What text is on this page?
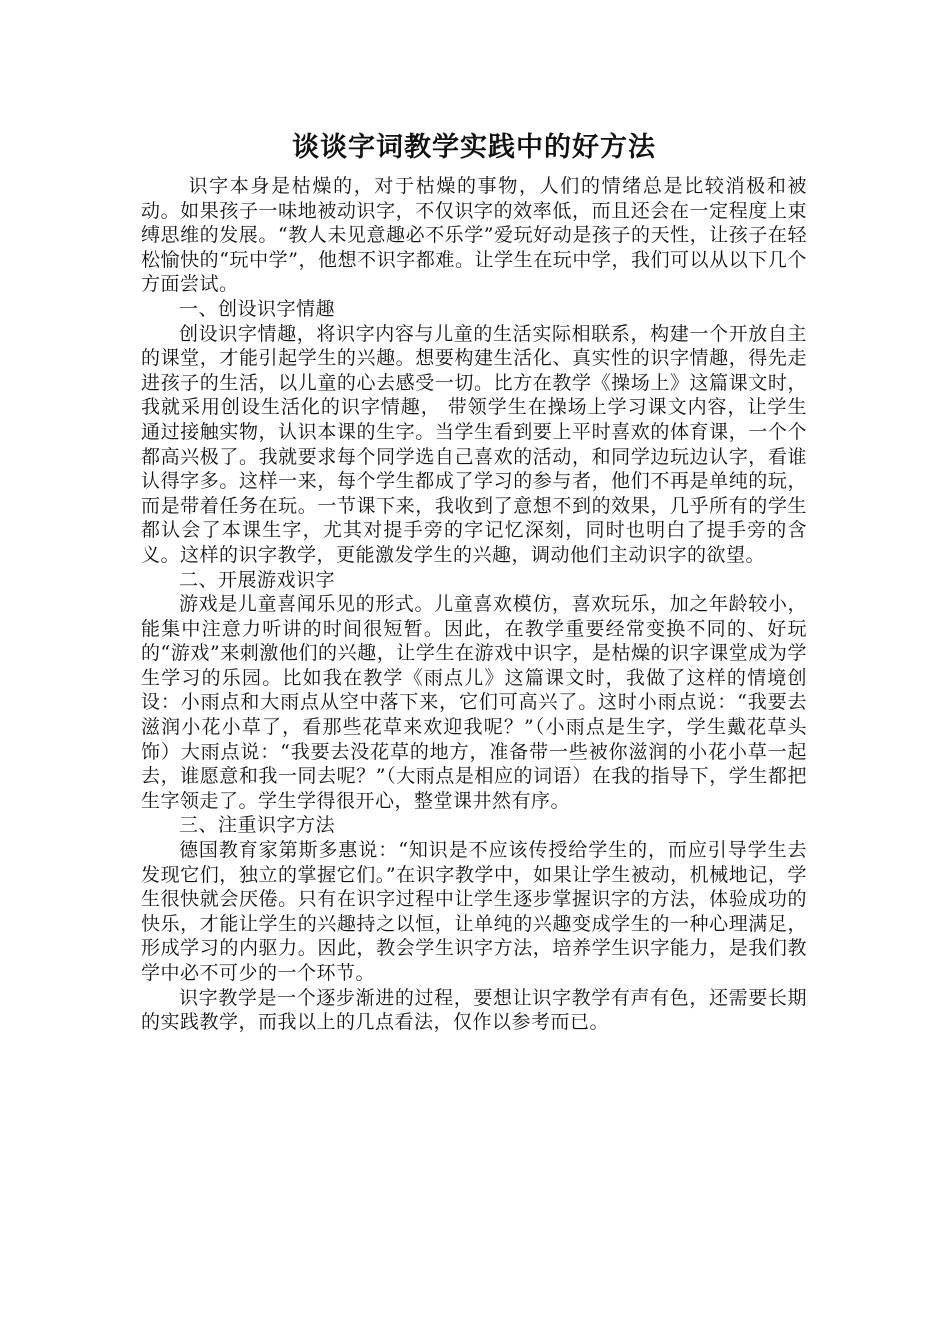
谈谈字词教学实践中的好方法

识字本身是枯燥的，对于枯燥的事物，人们的情绪总是比较消极和被动。如果孩子一味地被动识字，不仅识字的效率低，而且还会在一定程度上束缚思维的发展。“教人未见意趣必不乐学”爱玩好动是孩子的天性，让孩子在轻松愉快的“玩中学”，他想不识字都难。让学生在玩中学，我们可以从以下几个方面尝试。

一、创设识字情趣

创设识字情趣，将识字内容与儿童的生活实际相联系，构建一个开放自主的课堂，才能引起学生的兴趣。想要构建生活化、真实性的识字情趣，得先走进孩子的生活，以儿童的心去感受一切。比方在教学《操场上》这篇课文时，我就采用创设生活化的识字情趣， 带领学生在操场上学习课文内容，让学生通过接触实物，认识本课的生字。当学生看到要上平时喜欢的体育课，一个个都高兴极了。我就要求每个同学选自己喜欢的活动，和同学边玩边认字，看谁认得字多。这样一来，每个学生都成了学习的参与者，他们不再是单纯的玩，而是带着任务在玩。一节课下来，我收到了意想不到的效果，几乎所有的学生都认会了本课生字，尤其对提手旁的字记忆深刻，同时也明白了提手旁的含义。这样的识字教学，更能激发学生的兴趣，调动他们主动识字的欲望。

二、开展游戏识字

游戏是儿童喜闻乐见的形式。儿童喜欢模仿，喜欢玩乐，加之年龄较小，能集中注意力听讲的时间很短暂。因此，在教学重要经常变换不同的、好玩的“游戏”来刺激他们的兴趣，让学生在游戏中识字，是枯燥的识字课堂成为学生学习的乐园。比如我在教学《雨点儿》这篇课文时，我做了这样的情境创设：小雨点和大雨点从空中落下来，它们可高兴了。这时小雨点说：“我要去滋润小花小草了，看那些花草来欢迎我呢？”（小雨点是生字，学生戴花草头饰）大雨点说：“我要去没花草的地方，准备带一些被你滋润的小花小草一起去，谁愿意和我一同去呢？”（大雨点是相应的词语）在我的指导下，学生都把生字领走了。学生学得很开心，整堂课井然有序。

三、注重识字方法

德国教育家第斯多惠说：“知识是不应该传授给学生的，而应引导学生去发现它们，独立的掌握它们。”在识字教学中，如果让学生被动，机械地记，学生很快就会厌倦。只有在识字过程中让学生逐步掌握识字的方法，体验成功的快乐，才能让学生的兴趣持之以恒，让单纯的兴趣变成学生的一种心理满足，形成学习的内驱力。因此，教会学生识字方法，培养学生识字能力，是我们教学中必不可少的一个环节。

识字教学是一个逐步渐进的过程，要想让识字教学有声有色，还需要长期的实践教学，而我以上的几点看法，仅作以参考而已。
